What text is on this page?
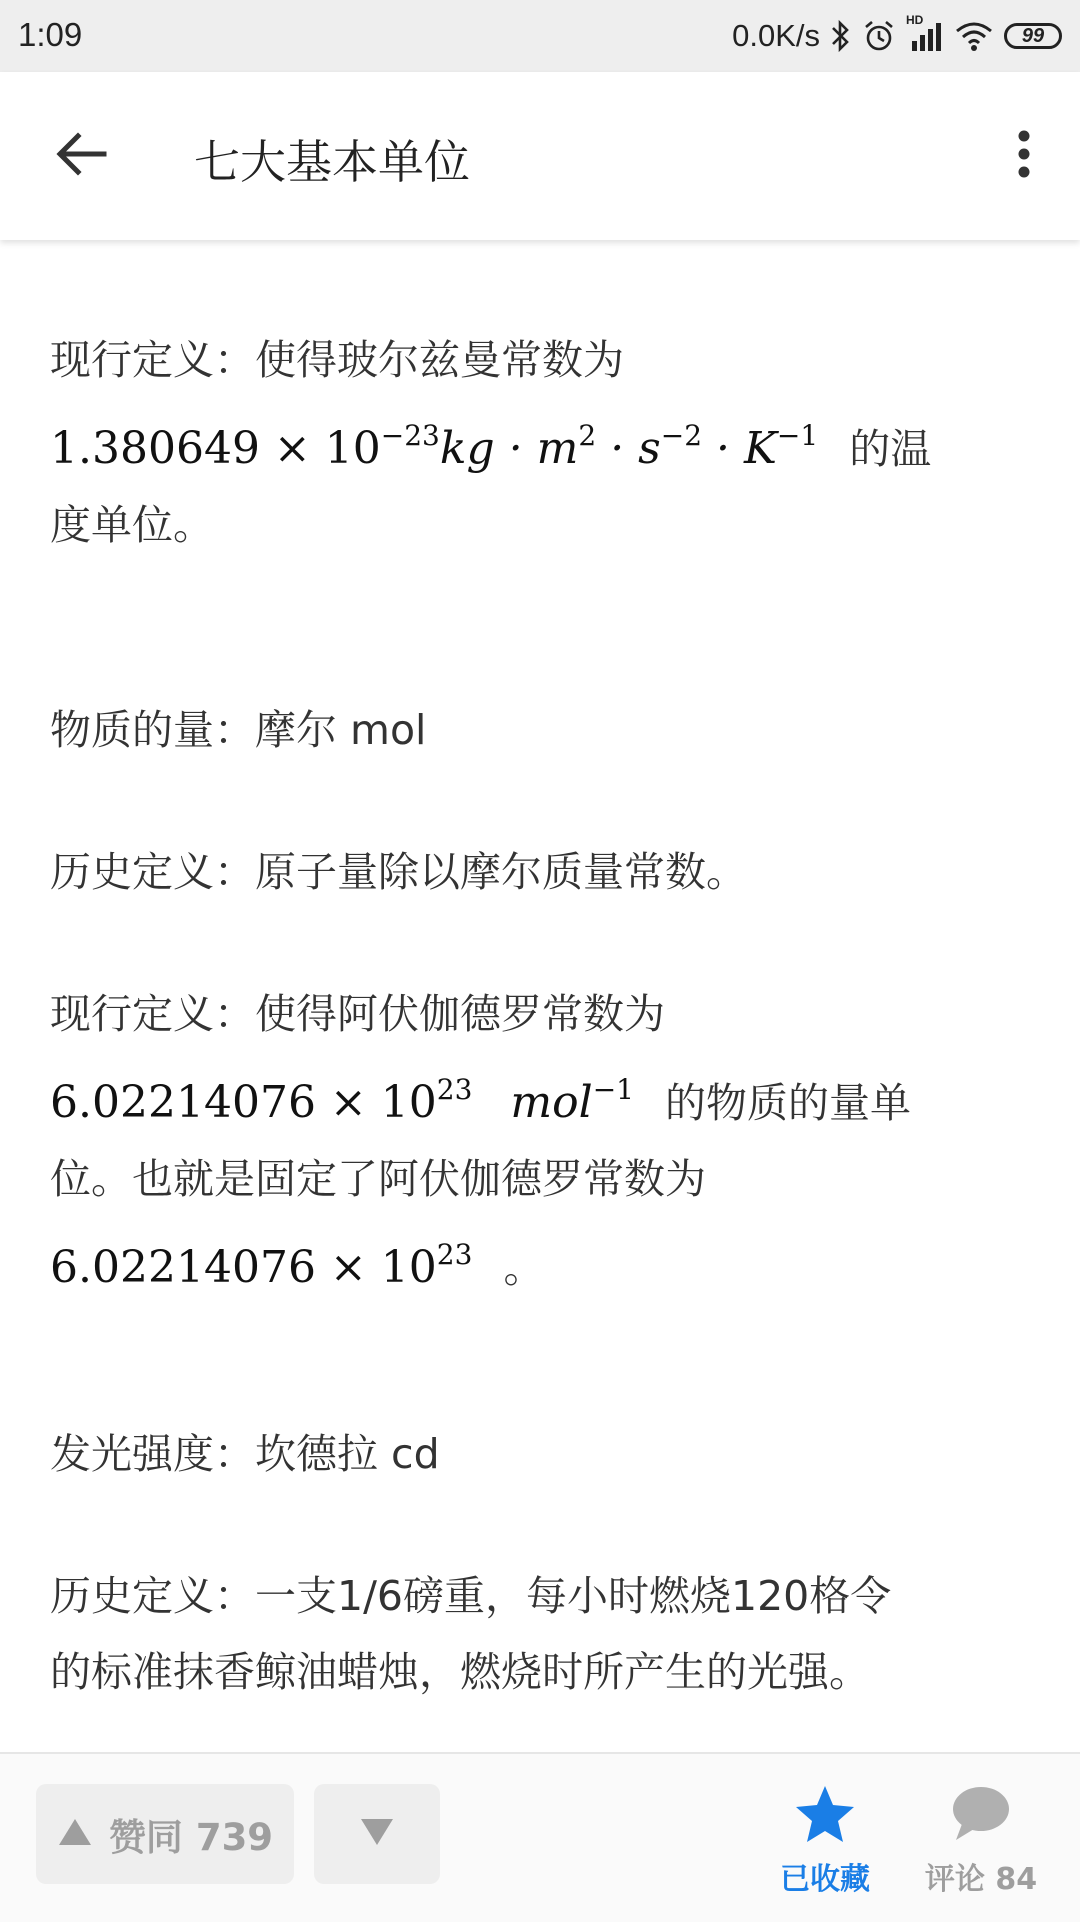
1:09	0.0K/s	HD
99
七大基本单位
现行定义：使得玻尔兹曼常数为
$1.380649 \times 10^{-23}kg \cdot m^2 \cdot s^{-2} \cdot K^{-1}$ 的温
度单位。
物质的量：摩尔 mol
历史定义：原子量除以摩尔质量常数。
现行定义：使得阿伏伽德罗常数为
$6.02214076 \times 10^{23}$ mol$^{-1}$ 的物质的量单
位。也就是固定了阿伏伽德罗常数为
$6.02214076 \times 10^{23}$ 。
发光强度：坎德拉 cd
历史定义：一支1/6磅重，每小时燃烧120格令
的标准抹香鲸油蜡烛，燃烧时所产生的光强。
赞同 739
已收藏 评论 84
